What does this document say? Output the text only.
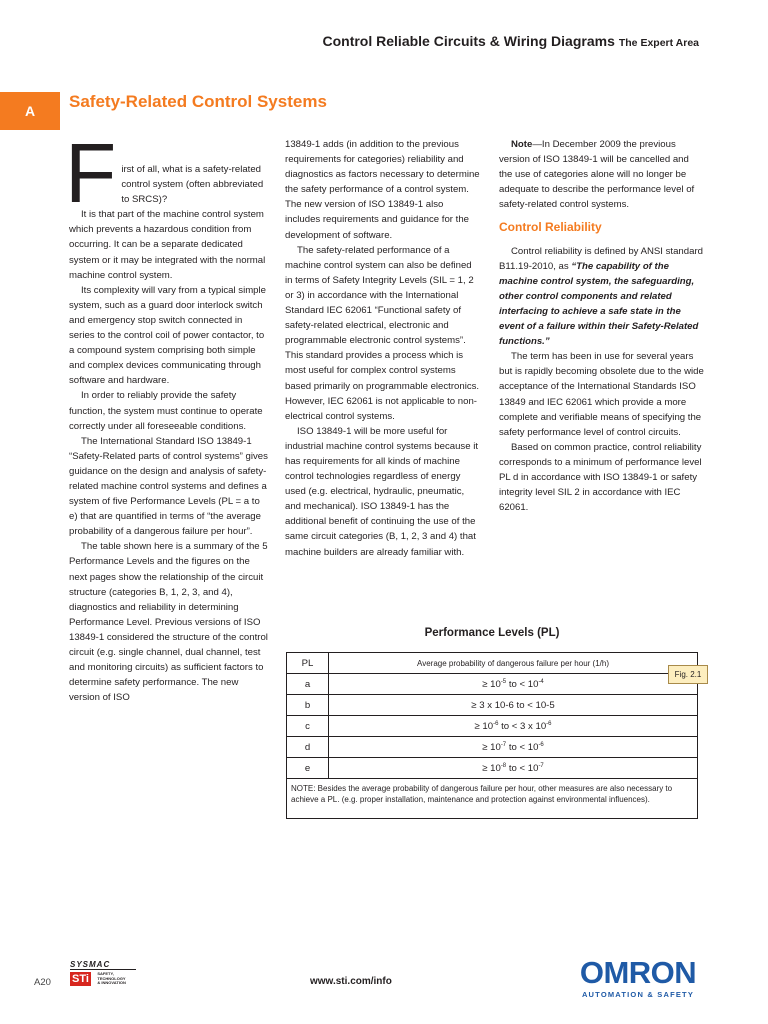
Control Reliable Circuits & Wiring Diagrams The Expert Area
A	Safety-Related Control Systems
F irst of all, what is a safety-related control system (often abbreviated to SRCS)?

It is that part of the machine control system which prevents a hazardous condition from occurring. It can be a separate dedicated system or it may be integrated with the normal machine control system.

Its complexity will vary from a typical simple system, such as a guard door interlock switch and emergency stop switch connected in series to the control coil of power contactor, to a compound system comprising both simple and complex devices communicating through software and hardware.

In order to reliably provide the safety function, the system must continue to operate correctly under all foreseeable conditions.

The International Standard ISO 13849-1 “Safety-Related parts of control systems” gives guidance on the design and analysis of safety-related machine control systems and defines a system of five Performance Levels (PL = a to e) that are quantified in terms of “the average probability of a dangerous failure per hour”.

The table shown here is a summary of the 5 Performance Levels and the figures on the next pages show the relationship of the circuit structure (categories B, 1, 2, 3, and 4), diagnostics and reliability in determining Performance Level. Previous versions of ISO 13849-1 considered the structure of the control circuit (e.g. single channel, dual channel, test and monitoring circuits) as sufficient factors to determine safety performance. The new version of ISO

13849-1 adds (in addition to the previous requirements for categories) reliability and diagnostics as factors necessary to determine the safety performance of a control system. The new version of ISO 13849-1 also includes requirements and guidance for the development of software.

The safety-related performance of a machine control system can also be defined in terms of Safety Integrity Levels (SIL = 1, 2 or 3) in accordance with the International Standard IEC 62061 “Functional safety of safety-related electrical, electronic and programmable electronic control systems”. This standard provides a process which is most useful for complex control systems based primarily on programmable electronics. However, IEC 62061 is not applicable to non-electrical control systems.

ISO 13849-1 will be more useful for industrial machine control systems because it has requirements for all kinds of machine control technologies regardless of energy used (e.g. electrical, hydraulic, pneumatic, and mechanical). ISO 13849-1 has the additional benefit of continuing the use of the same circuit categories (B, 1, 2, 3 and 4) that machine builders are already familiar with.

Note—In December 2009 the previous version of ISO 13849-1 will be cancelled and the use of categories alone will no longer be adequate to describe the performance level of safety-related control systems.

Control Reliability

Control reliability is defined by ANSI standard B11.19-2010, as “The capability of the machine control system, the safeguarding, other control components and related interfacing to achieve a safe state in the event of a failure within their Safety-Related functions.”

The term has been in use for several years but is rapidly becoming obsolete due to the wide acceptance of the International Standards ISO 13849 and IEC 62061 which provide a more complete and verifiable means of specifying the safety performance level of control circuits.

Based on common practice, control reliability corresponds to a minimum of performance level PL d in accordance with ISO 13849-1 or safety integrity level SIL 2 in accordance with IEC 62061.

Performance Levels (PL)
PL	Average probability of dangerous failure per hour (1/h)
a	≥ $10^{-5}$ to < $10^{-4}$
b	≥ 3 x 10-6 to < 10-5
c	≥ $10^{-6}$ to < 3 x $10^{-6}$
d	≥ $10^{-7}$ to < $10^{-6}$
e	≥ $10^{-8}$ to < $10^{-7}$
NOTE: Besides the average probability of dangerous failure per hour, other measures are also necessary to achieve a PL. (e.g. proper installation, maintenance and protection against environmental influences).	
Fig. 2.1
A20
SYSMAC
STi SAFETY,
TECHNOLOGY
& INNOVATION	www.sti.com/info	OMRON
AUTOMATION & SAFETY
